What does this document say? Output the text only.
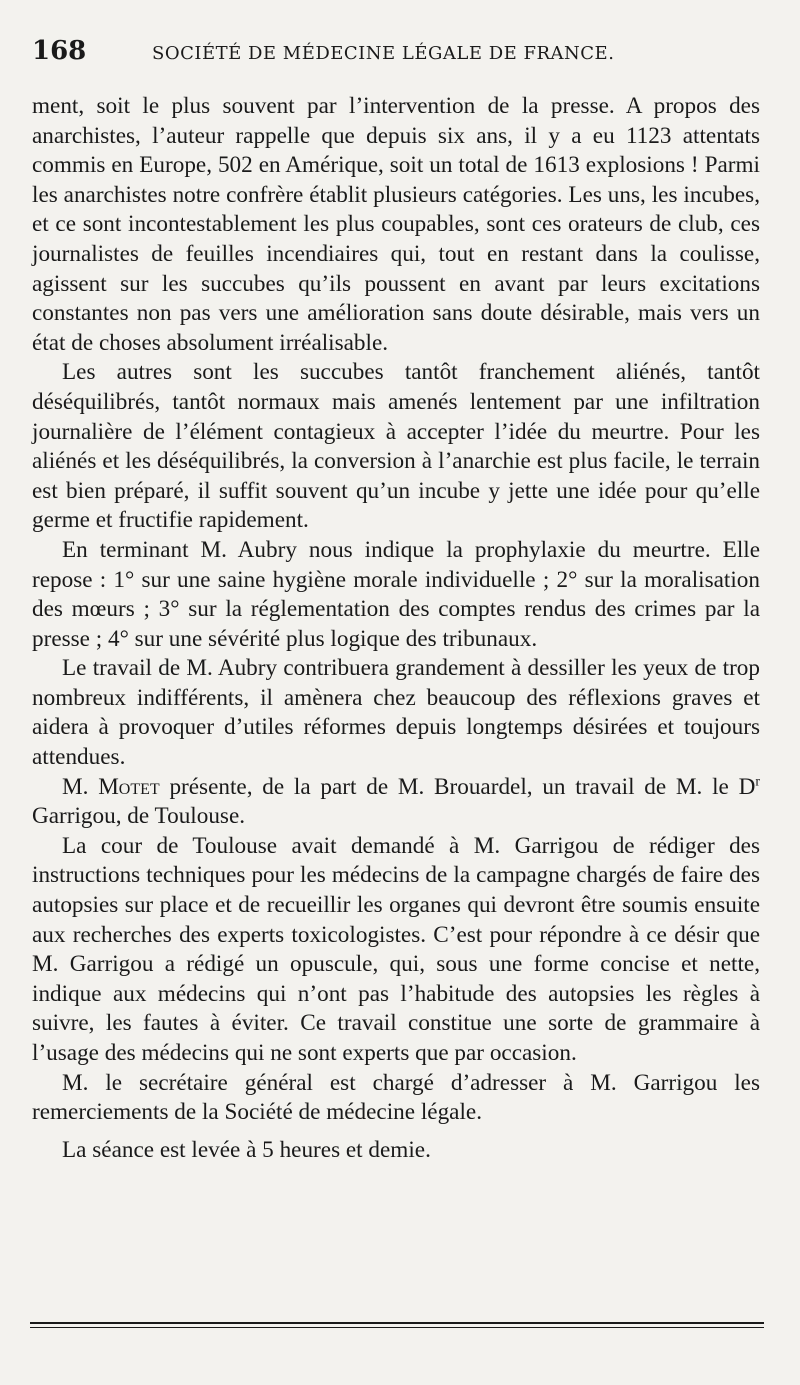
168	SOCIÉTÉ DE MÉDECINE LÉGALE DE FRANCE.

ment, soit le plus souvent par l’intervention de la presse. A propos des anarchistes, l’auteur rappelle que depuis six ans, il y a eu 1123 attentats commis en Europe, 502 en Amérique, soit un total de 1613 explosions ! Parmi les anarchistes notre confrère établit plusieurs catégories. Les uns, les incubes, et ce sont incontestablement les plus coupables, sont ces orateurs de club, ces journalistes de feuilles incendiaires qui, tout en restant dans la coulisse, agissent sur les succubes qu’ils poussent en avant par leurs excitations constantes non pas vers une amélioration sans doute désirable, mais vers un état de choses absolument irréalisable.

Les autres sont les succubes tantôt franchement aliénés, tantôt déséquilibrés, tantôt normaux mais amenés lentement par une infiltration journalière de l’élément contagieux à accepter l’idée du meurtre. Pour les aliénés et les déséquilibrés, la conversion à l’anarchie est plus facile, le terrain est bien préparé, il suffit souvent qu’un incube y jette une idée pour qu’elle germe et fructifie rapidement.

En terminant M. Aubry nous indique la prophylaxie du meurtre. Elle repose : 1° sur une saine hygiène morale individuelle ; 2° sur la moralisation des mœurs ; 3° sur la réglementation des comptes rendus des crimes par la presse ; 4° sur une sévérité plus logique des tribunaux.

Le travail de M. Aubry contribuera grandement à dessiller les yeux de trop nombreux indifférents, il amènera chez beaucoup des réflexions graves et aidera à provoquer d’utiles réformes depuis longtemps désirées et toujours attendues.

M. Motet présente, de la part de M. Brouardel, un travail de M. le $D^r$ Garrigou, de Toulouse.

La cour de Toulouse avait demandé à M. Garrigou de rédiger des instructions techniques pour les médecins de la campagne chargés de faire des autopsies sur place et de recueillir les organes qui devront être soumis ensuite aux recherches des experts toxicologistes. C’est pour répondre à ce désir que M. Garrigou a rédigé un opuscule, qui, sous une forme concise et nette, indique aux médecins qui n’ont pas l’habitude des autopsies les règles à suivre, les fautes à éviter. Ce travail constitue une sorte de grammaire à l’usage des médecins qui ne sont experts que par occasion.

M. le secrétaire général est chargé d’adresser à M. Garrigou les remerciements de la Société de médecine légale.

La séance est levée à 5 heures et demie.
